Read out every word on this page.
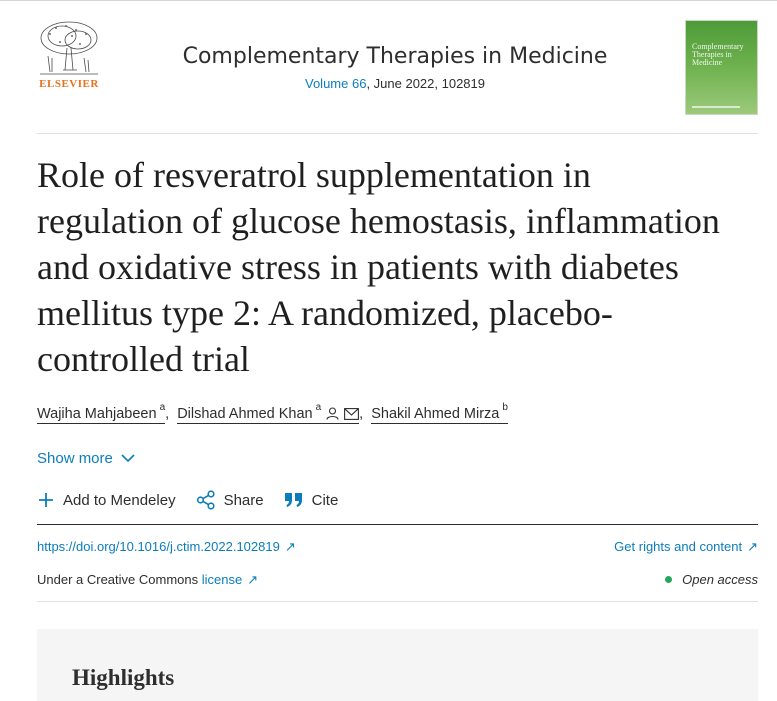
ELSEVIER
Complementary Therapies in Medicine
Volume 66, June 2022, 102819
Complementary Therapies in Medicine
Role of resveratrol supplementation in regulation of glucose hemostasis, inflammation and oxidative stress in patients with diabetes mellitus type 2: A randomized, placebo-controlled trial
Wajiha Mahjabeen $^a$, Dilshad Ahmed Khan $^a$	, Shakil Ahmed Mirza $^b$
Show more
Add to Mendeley	Share	Cite
https://doi.org/10.1016/j.ctim.2022.102819 ↗	Get rights and content ↗
Under a Creative Commons license ↗	Open access
Highlights
